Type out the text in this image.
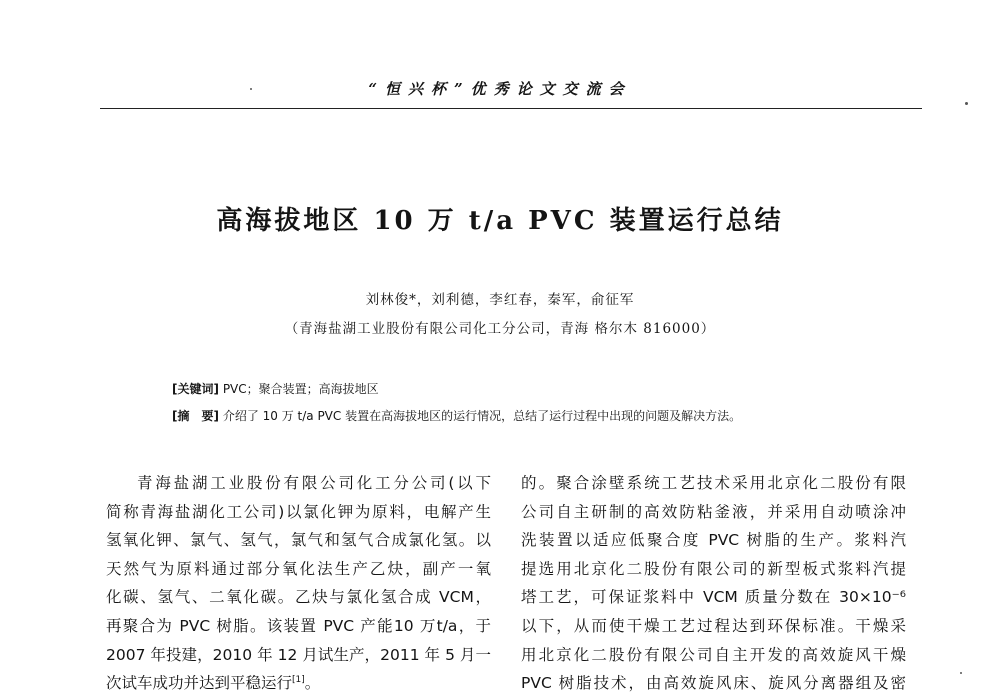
“恒兴杯”优秀论文交流会
高海拔地区 10 万 t/a PVC 装置运行总结
刘林俊*，刘利德，李红春，秦军，俞征军
（青海盐湖工业股份有限公司化工分公司，青海 格尔木 816000）
[关键词] PVC；聚合装置；高海拔地区
[摘　要] 介绍了 10 万 t/a PVC 装置在高海拔地区的运行情况，总结了运行过程中出现的问题及解决方法。
青海盐湖工业股份有限公司化工分公司(以下
简称青海盐湖化工公司)以氯化钾为原料，电解产生
氢氧化钾、氯气、氢气，氯气和氢气合成氯化氢。以
天然气为原料通过部分氧化法生产乙炔，副产一氧
化碳、氢气、二氧化碳。乙炔与氯化氢合成 VCM，
再聚合为 PVC 树脂。该装置 PVC 产能10 万t/a，于
2007 年投建，2010 年 12 月试生产，2011 年 5 月一
次试车成功并达到平稳运行[1]。
的。聚合涂壁系统工艺技术采用北京化二股份有限
公司自主研制的高效防粘釜液，并采用自动喷涂冲
洗装置以适应低聚合度 PVC 树脂的生产。浆料汽
提选用北京化二股份有限公司的新型板式浆料汽提
塔工艺，可保证浆料中 VCM 质量分数在 30×10⁻⁶
以下，从而使干燥工艺过程达到环保标准。干燥采
用北京化二股份有限公司自主开发的高效旋风干燥
PVC 树脂技术，由高效旋风床、旋风分离器组及密
